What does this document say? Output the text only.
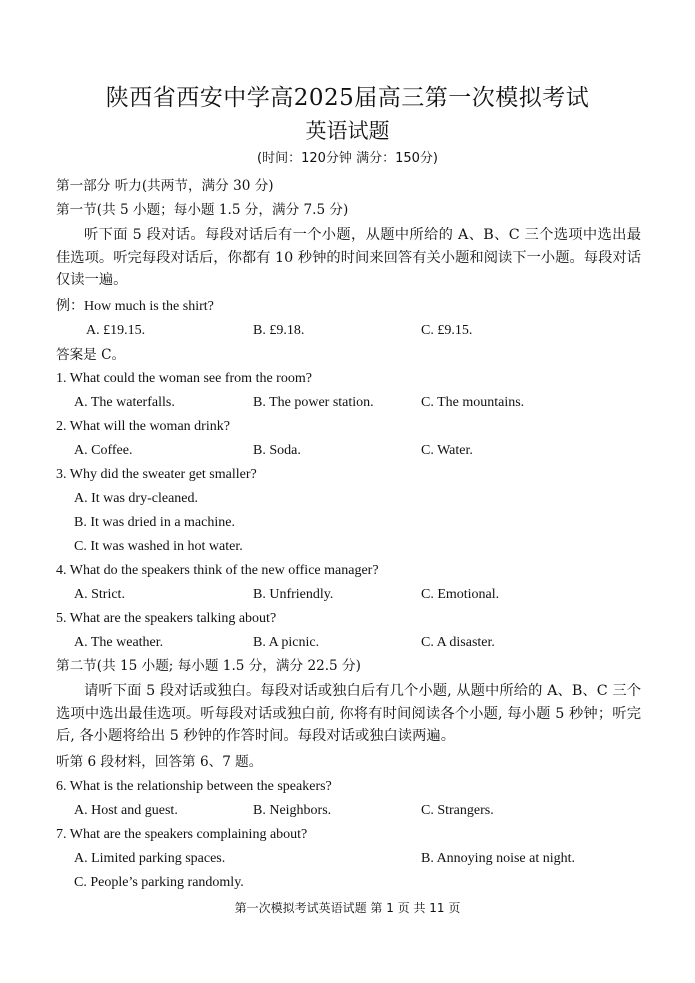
陕西省西安中学高2025届高三第一次模拟考试
英语试题
(时间：120分钟 满分：150分)
第一部分 听力(共两节，满分 30 分)
第一节(共 5 小题；每小题 1.5 分，满分 7.5 分)
听下面 5 段对话。每段对话后有一个小题，从题中所给的 A、B、C 三个选项中选出最佳选项。听完每段对话后，你都有 10 秒钟的时间来回答有关小题和阅读下一小题。每段对话仅读一遍。
例：How much is the shirt?
A. £19.15.	B. £9.18.	C. £9.15.
答案是 C。
1. What could the woman see from the room?
A. The waterfalls.	B. The power station.	C. The mountains.
2. What will the woman drink?
A. Coffee.	B. Soda.	C. Water.
3. Why did the sweater get smaller?
A. It was dry-cleaned.
B. It was dried in a machine.
C. It was washed in hot water.
4. What do the speakers think of the new office manager?
A. Strict.	B. Unfriendly.	C. Emotional.
5. What are the speakers talking about?
A. The weather.	B. A picnic.	C. A disaster.
第二节(共 15 小题; 每小题 1.5 分，满分 22.5 分)
请听下面 5 段对话或独白。每段对话或独白后有几个小题, 从题中所给的 A、B、C 三个选项中选出最佳选项。听每段对话或独白前, 你将有时间阅读各个小题, 每小题 5 秒钟；听完后, 各小题将给出 5 秒钟的作答时间。每段对话或独白读两遍。
听第 6 段材料，回答第 6、7 题。
6. What is the relationship between the speakers?
A. Host and guest.	B. Neighbors.	C. Strangers.
7. What are the speakers complaining about?
A. Limited parking spaces.	B. Annoying noise at night.
C. People’s parking randomly.
第一次模拟考试英语试题 第 1 页 共 11 页
